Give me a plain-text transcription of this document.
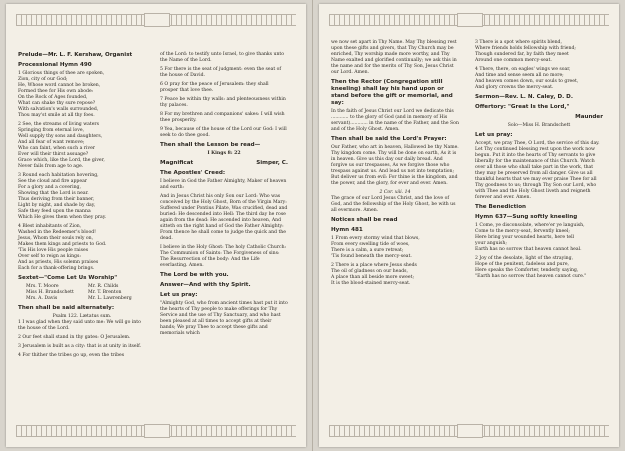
Prelude—Mr. L. F. Kershaw, Organist
Processional Hymn 490

1 Glorious things of thee are spoken,
Zion, city of our God;
He, Whose word cannot be broken,
Formed thee for His own abode:
On the Rock of Ages founded,
What can shake thy sure repose?
With salvation's walls surrounded,
Thou may'st smile at all thy foes.

2 See, the streams of living waters
Springing from eternal love,
Well supply thy sons and daughters,
And all fear of want remove;
Who can faint, when such a river
Ever will their thirst assuage?
Grace which, like the Lord, the giver,
Never fails from age to age.

3 Round each habitation hovering,
See the cloud and fire appear
For a glory and a covering,
Showing that the Lord is near.
Thus deriving from their banner,
Light by night, and shade by day,
Safe they feed upon the manna
Which He gives them when they pray.

4 Blest inhabitants of Zion,
Washed in the Redeemer's blood!
Jesus, Whom their souls rely on,
Makes them kings and priests to God.
'Tis His love His people raises
Over self to reign as kings:
And as priests, His solemn praises
Each for a thank-offering brings.

Sextet—"Come Let Us Worship"
Mrs. T. Moore	Mr. R. Childs
Miss H. Brandschett	Mr. T. Brenton
Mrs. A. Davis	Mr. L. Lawrenberg
Then shall be said alternately:
Psalm 122. Lætatus sum.

1 I was glad when they said unto me: We will go into the house of the Lord.

2 Our feet shall stand in thy gates: O Jerusalem.

3 Jerusalem is built as a city: that is at unity in itself.

4 For thither the tribes go up, even the tribes

of the Lord: to testify unto Israel, to give thanks unto the Name of the Lord.

5 For there is the seat of judgment: even the seat of the house of David.

6 O pray for the peace of Jerusalem: they shall prosper that love thee.

7 Peace be within thy walls: and plenteousness within thy palaces.

8 For my brethren and companions' sakes: I will wish thee prosperity.

9 Yea, because of the house of the Lord our God: I will seek to do thee good.

Then shall the Lesson be read—
I Kings 8: 22
Magnificat	Simper, C.
The Apostles' Creed:

I believe in God the Father Almighty, Maker of heaven and earth:

And in Jesus Christ his only Son our Lord: Who was conceived by the Holy Ghost, Born of the Virgin Mary: Suffered under Pontius Pilate, Was crucified, dead and buried: He descended into Hell: The third day he rose again from the dead: He ascended into heaven, And sitteth on the right hand of God the Father Almighty: From thence he shall come to judge the quick and the dead.

I believe in the Holy Ghost: The holy Catholic Church: The Communion of Saints: The Forgiveness of sins: The Resurrection of the body: And the Life everlasting. Amen.

The Lord be with you.
Answer—And with thy Spirit.
Let us pray:

"Almighty God, who from ancient times hast put it into the hearts of Thy people to make offerings for Thy Service and the use of Thy Sanctuary, and who hast been pleased at all times to accept gifts at their hands; We pray Thee to accept these gifts and memorials which

we now set apart in Thy Name. May Thy blessing rest upon these gifts and givers, that Thy Church may be enriched, Thy worship made more worthy, and Thy Name exalted and glorified continually; we ask this in the name and for the merits of Thy Son, Jesus Christ our Lord. Amen.

Then the Rector (Congregation still kneeling) shall lay his hand upon or stand before the gift or memorial, and say:

In the faith of Jesus Christ our Lord we dedicate this ............ to the glory of God (and in memory of His servant)............ in the name of the Father, and the Son and of the Holy Ghost. Amen.

Then shall be said the Lord's Prayer:

Our Father, who art in heaven, Hallowed be thy Name. Thy kingdom come. Thy will be done on earth, As it is in heaven. Give us this day our daily bread. And forgive us our trespasses, As we forgive those who trespass against us. And lead us not into temptation; But deliver us from evil: For thine is the kingdom, and the power, and the glory, for ever and ever. Amen.

2 Cor. xiii. 14

The grace of our Lord Jesus Christ, and the love of God, and the fellowship of the Holy Ghost, be with us all evermore. Amen.

Notices shall be read
Hymn 481

1 From every stormy wind that blows,
From every swelling tide of woes,
There is a calm, a sure retreat;
'Tis found beneath the mercy-seat.

2 There is a place where Jesus sheds
The oil of gladness on our heads,
A place than all beside more sweet;
It is the blood-stained mercy-seat.

3 There is a spot where spirits blend,
Where friends holds fellowship with friend;
Though sundered far, by faith they meet
Around one common mercy-seat.

4 There, there, on eagles' wings we soar,
And time and sense seem all no more;
And heaven comes down, our souls to greet,
And glory crowns the mercy-seat.

Sermon—Rev. L. N. Caley, D. D.
Offertory: "Great Is the Lord,"
Maunder
Solo—Miss H. Brandschett
Let us pray:

Accept, we pray Thee, O Lord, the service of this day. Let Thy continued blessing rest upon the work now begun. Put it into the hearts of Thy servants to give liberally for the maintenance of this Church. Watch over all those who shall take part in the work, that they may be preserved from all danger. Give us all thankful hearts that we may ever praise Thee for all Thy goodness to us; through Thy Son our Lord, who with Thee and the Holy Ghost liveth and reigneth forever and ever. Amen.

The Benediction
Hymn 637—Sung softly kneeling

1 Come, ye disconsolate, where'er ye languish,
Come to the mercy-seat, fervently kneel;
Here bring your wounded hearts, here tell
your anguish;
Earth has no sorrow that heaven cannot heal.

2 Joy of the desolate, light of the straying,
Hope of the penitent, fadeless and pure,
Here speaks the Comforter, tenderly saying,
"Earth has no sorrow that heaven cannot cure."
